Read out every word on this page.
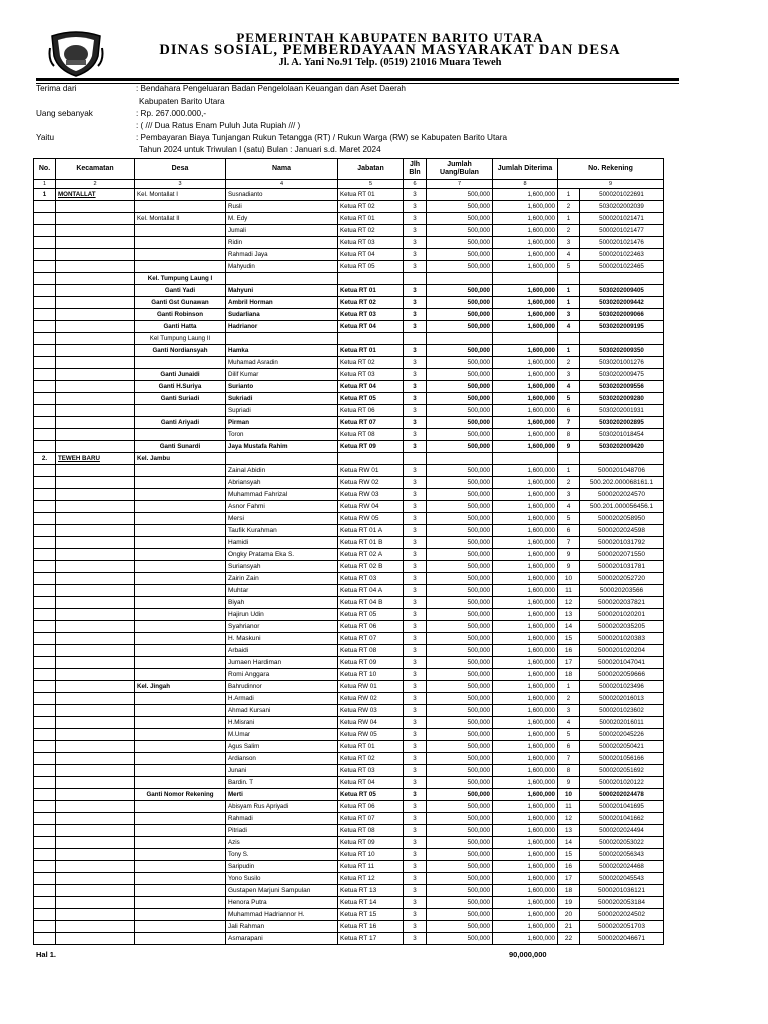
PEMERINTAH KABUPATEN BARITO UTARA
DINAS SOSIAL, PEMBERDAYAAN MASYARAKAT DAN DESA
Jl. A. Yani No.91 Telp. (0519) 21016 Muara Teweh
Terima dari	: Bendahara Pengeluaran Badan Pengelolaan Keuangan dan Aset Daerah
Kabupaten Barito Utara
Uang sebanyak	: Rp. 267.000.000,-
: ( /// Dua Ratus Enam Puluh Juta Rupiah /// )
Yaitu	: Pembayaran Biaya Tunjangan Rukun Tetangga (RT) / Rukun Warga (RW) se Kabupaten Barito Utara
Tahun 2024 untuk Triwulan I (satu) Bulan : Januari s.d. Maret 2024
No.	Kecamatan	Desa	Nama	Jabatan	Jlh Bln	Jumlah Uang/Bulan	Jumlah Diterima	No. Rekening	
1	2	3	4	5	6	7	8	9	
1	MONTALLAT	Kel. Montallat I	Susnadianto	Ketua RT 01	3	500,000	1,600,000	1	5000201022691
			Rusli	Ketua RT 02	3	500,000	1,600,000	2	5030202002039
		Kel. Montallat II	M. Edy	Ketua RT 01	3	500,000	1,600,000	1	5000201021471
			Jumali	Ketua RT 02	3	500,000	1,600,000	2	5000201021477
			Ridin	Ketua RT 03	3	500,000	1,600,000	3	5000201021476
			Rahmadi Jaya	Ketua RT 04	3	500,000	1,600,000	4	5000201022463
			Mahyudin	Ketua RT 05	3	500,000	1,600,000	5	5000201022465
		Kel. Tumpung Laung I							
		Ganti Yadi	Mahyuni	Ketua RT 01	3	500,000	1,600,000	1	5030202009405
		Ganti Gst Gunawan	Ambril Horman	Ketua RT 02	3	500,000	1,600,000	1	5030202009442
		Ganti Robinson	Sudarliana	Ketua RT 03	3	500,000	1,600,000	3	5030202009066
		Ganti Hatta	Hadrianor	Ketua RT 04	3	500,000	1,600,000	4	5030202009195
		Kel Tumpung Laung II							
		Ganti Nordiansyah	Hamka	Ketua RT 01	3	500,000	1,600,000	1	5030202009350
			Muhamad Asradin	Ketua RT 02	3	500,000	1,600,000	2	5030201001276
		Ganti Junaidi	Dilif Kumar	Ketua RT 03	3	500,000	1,600,000	3	5030202009475
		Ganti H.Suriya	Surianto	Ketua RT 04	3	500,000	1,600,000	4	5030202009556
		Ganti Suriadi	Sukriadi	Ketua RT 05	3	500,000	1,600,000	5	5030202009280
			Supriadi	Ketua RT 06	3	500,000	1,600,000	6	5030202001931
		Ganti Ariyadi	Pirman	Ketua RT 07	3	500,000	1,600,000	7	5030202002895
			Toron	Ketua RT 08	3	500,000	1,600,000	8	5030201018454
		Ganti Sunardi	Jaya Mustafa Rahim	Ketua RT 09	3	500,000	1,600,000	9	5030202009420
2.	TEWEH BARU	Kel. Jambu							
			Zainal Abidin	Ketua RW 01	3	500,000	1,600,000	1	5000201048706
			Abriansyah	Ketua RW 02	3	500,000	1,600,000	2	500.202.000068161.1
			Muhammad Fahrizal	Ketua RW 03	3	500,000	1,600,000	3	5000202024570
			Asnor Fahmi	Ketua RW 04	3	500,000	1,600,000	4	500.201.000056456.1
			Mersi	Ketua RW 05	3	500,000	1,600,000	5	5000202058950
			Taufik Kurahman	Ketua RT 01 A	3	500,000	1,600,000	6	5000202024598
			Hamidi	Ketua RT 01 B	3	500,000	1,600,000	7	5000201031792
			Ongky Pratama Eka S.	Ketua RT 02 A	3	500,000	1,600,000	9	5000202071550
			Suriansyah	Ketua RT 02 B	3	500,000	1,600,000	9	5000201031781
			Zairin Zain	Ketua RT 03	3	500,000	1,600,000	10	5000202052720
			Muhtar	Ketua RT 04 A	3	500,000	1,600,000	11	500020203566
			Biyah	Ketua RT 04 B	3	500,000	1,600,000	12	5000202037821
			Hajirun Udin	Ketua RT 05	3	500,000	1,600,000	13	5000201020201
			Syahrianor	Ketua RT 06	3	500,000	1,600,000	14	5000202035205
			H. Maskuni	Ketua RT 07	3	500,000	1,600,000	15	5000201020383
			Arbaidi	Ketua RT 08	3	500,000	1,600,000	16	5000201020204
			Jumaen Hardiman	Ketua RT 09	3	500,000	1,600,000	17	5000201047041
			Romi Anggara	Ketua RT 10	3	500,000	1,600,000	18	5000202059666
		Kel. Jingah	Bahrudinnor	Ketua RW 01	3	500,000	1,600,000	1	5000201023496
			H.Armadi	Ketua RW 02	3	500,000	1,600,000	2	5000202016013
			Ahmad Kursani	Ketua RW 03	3	500,000	1,600,000	3	5000201023602
			H.Misrani	Ketua RW 04	3	500,000	1,600,000	4	5000202016011
			M.Umar	Ketua RW 05	3	500,000	1,600,000	5	5000202045226
			Agus Salim	Ketua RT 01	3	500,000	1,600,000	6	5000202050421
			Ardianson	Ketua RT 02	3	500,000	1,600,000	7	5000201056166
			Junani	Ketua RT 03	3	500,000	1,600,000	8	5000202051692
			Bardin. T	Ketua RT 04	3	500,000	1,600,000	9	5000201020122
		Ganti Nomor Rekening	Merti	Ketua RT 05	3	500,000	1,600,000	10	5000202024478
			Abisyam Rus Apriyadi	Ketua RT 06	3	500,000	1,600,000	11	5000201041695
			Rahmadi	Ketua RT 07	3	500,000	1,600,000	12	5000201041662
			Pitriadi	Ketua RT 08	3	500,000	1,600,000	13	5000202024494
			Azis	Ketua RT 09	3	500,000	1,600,000	14	5000202053022
			Tony S.	Ketua RT 10	3	500,000	1,600,000	15	5000202056343
			Saripudin	Ketua RT 11	3	500,000	1,600,000	16	5000202024468
			Yono Susilo	Ketua RT 12	3	500,000	1,600,000	17	5000202045543
			Gustapen Marjuni Sampulan	Ketua RT 13	3	500,000	1,600,000	18	5000201036121
			Henora Putra	Ketua RT 14	3	500,000	1,600,000	19	5000202053184
			Muhammad Hadriannor H.	Ketua RT 15	3	500,000	1,600,000	20	5000202024502
			Jali Rahman	Ketua RT 16	3	500,000	1,600,000	21	5000202051703
			Asmarapani	Ketua RT 17	3	500,000	1,600,000	22	5000202046671
Hal 1.	90,000,000
